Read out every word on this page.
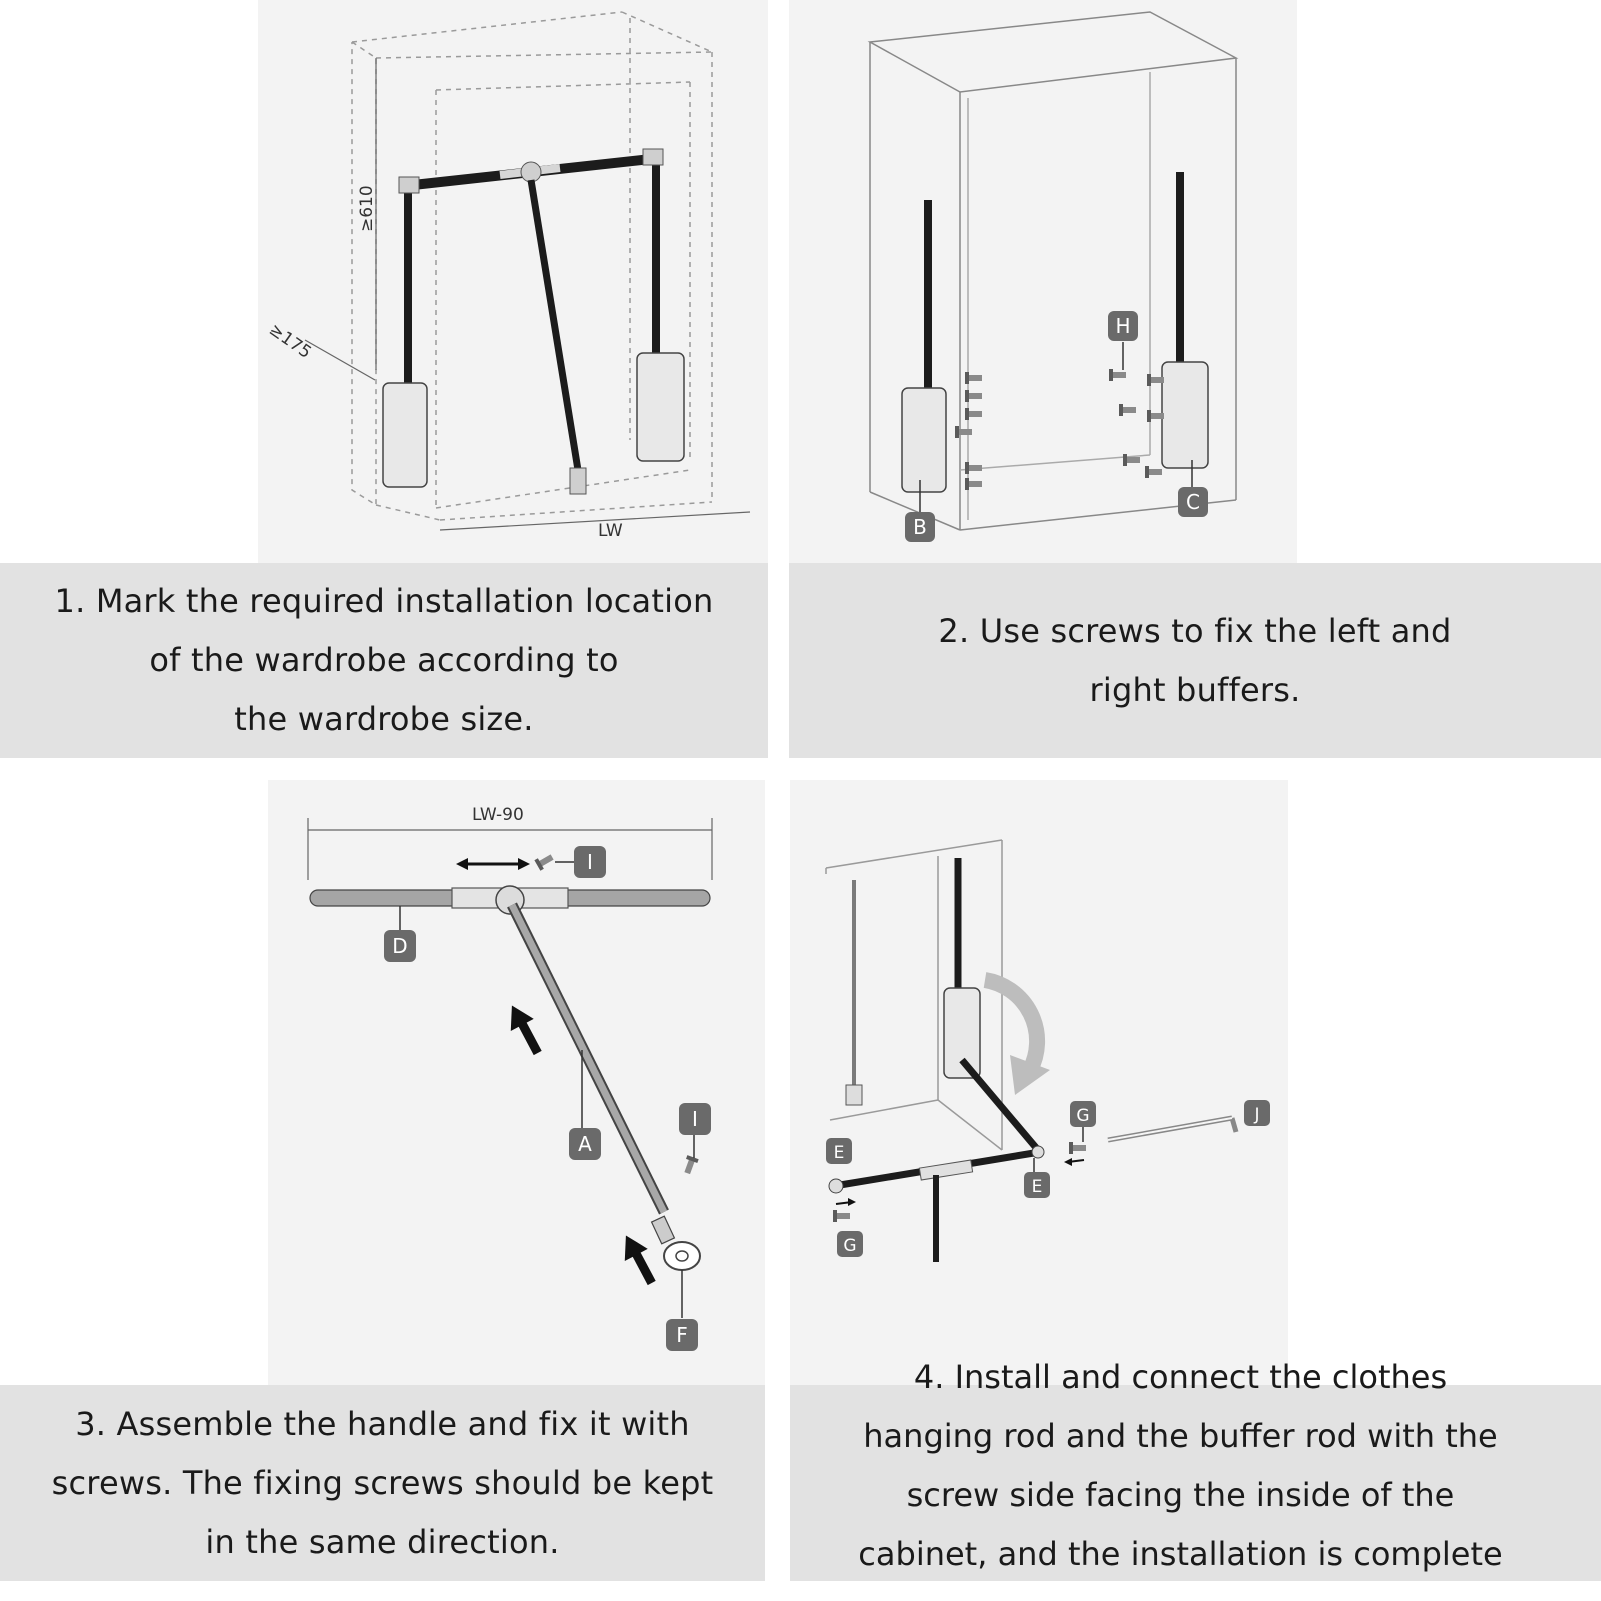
≥610
≥175
LW
LW-90
B
C
H
I
D
A
I
F
G	J
E
E
G
1. Mark the required installation location
of the wardrobe according to
the wardrobe size.
2. Use screws to fix the left and
right buffers.
3. Assemble the handle and fix it with
screws. The fixing screws should be kept
in the same direction.
4. Install and connect the clothes
hanging rod and the buffer rod with the
screw side facing the inside of the
cabinet, and the installation is complete
